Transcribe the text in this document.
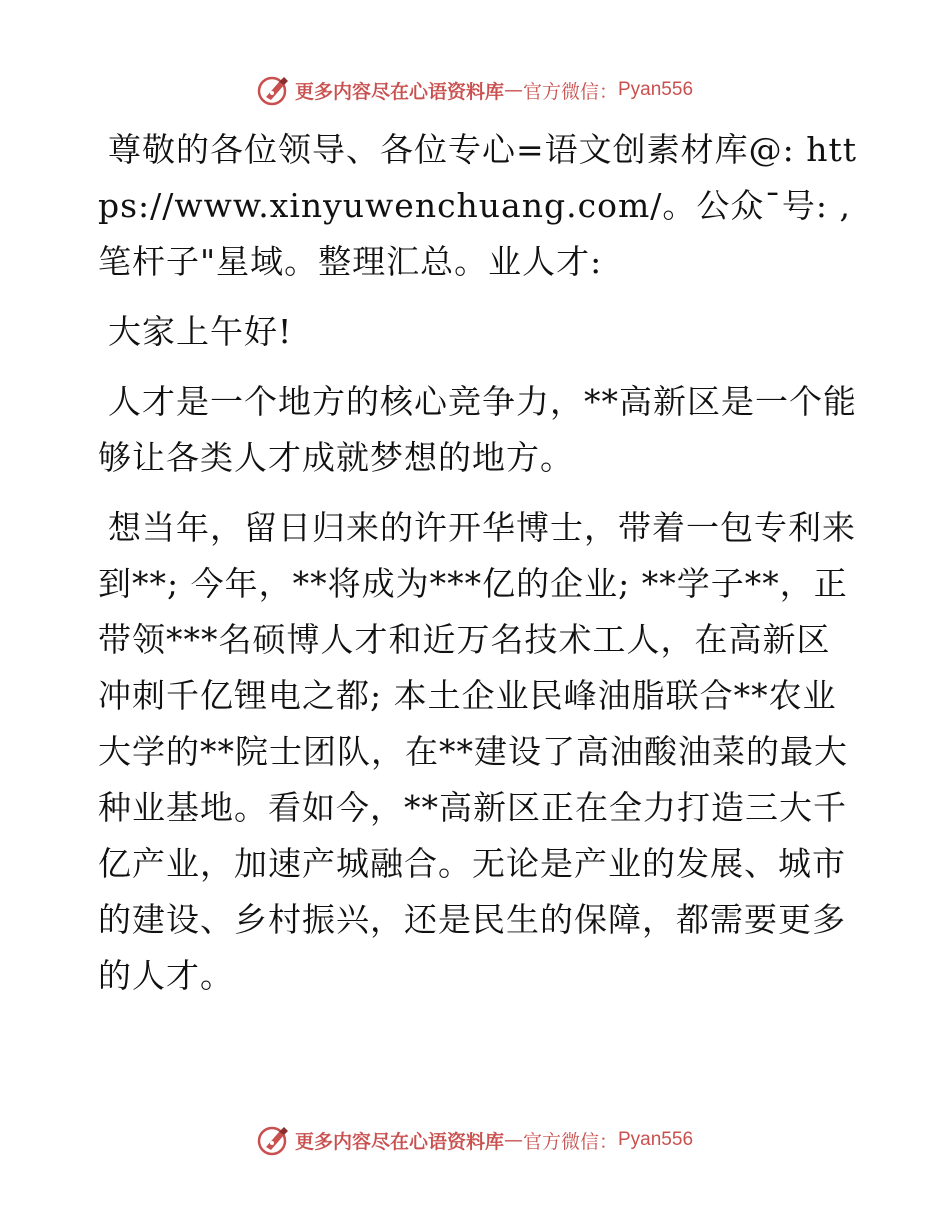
更多内容尽在心语资料库 — 官方微信： Pyan556

尊敬的各位领导、各位专心=语文创素材库@: https://www.xinyuwenchuang.com/。公众¯号: ,笔杆子"星域。整理汇总。业人才:

大家上午好!

人才是一个地方的核心竞争力，**高新区是一个能够让各类人才成就梦想的地方。

想当年，留日归来的许开华博士，带着一包专利来到**; 今年，**将成为***亿的企业; **学子**，正带领***名硕博人才和近万名技术工人，在高新区冲刺千亿锂电之都; 本土企业民峰油脂联合**农业大学的**院士团队，在**建设了高油酸油菜的最大种业基地。看如今，**高新区正在全力打造三大千亿产业，加速产城融合。无论是产业的发展、城市的建设、乡村振兴，还是民生的保障，都需要更多的人才。

更多内容尽在心语资料库 — 官方微信： Pyan556
